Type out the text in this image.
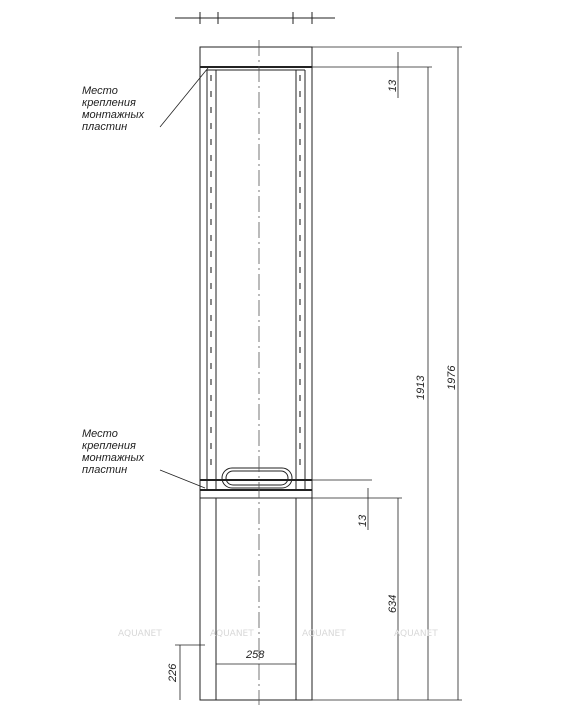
13
1913 1976
13
634
226
258
AQUANET	AQUANET	AQUANET	AQUANET
Место
крепления
монтажных
пластин
Место
крепления
монтажных
пластин
